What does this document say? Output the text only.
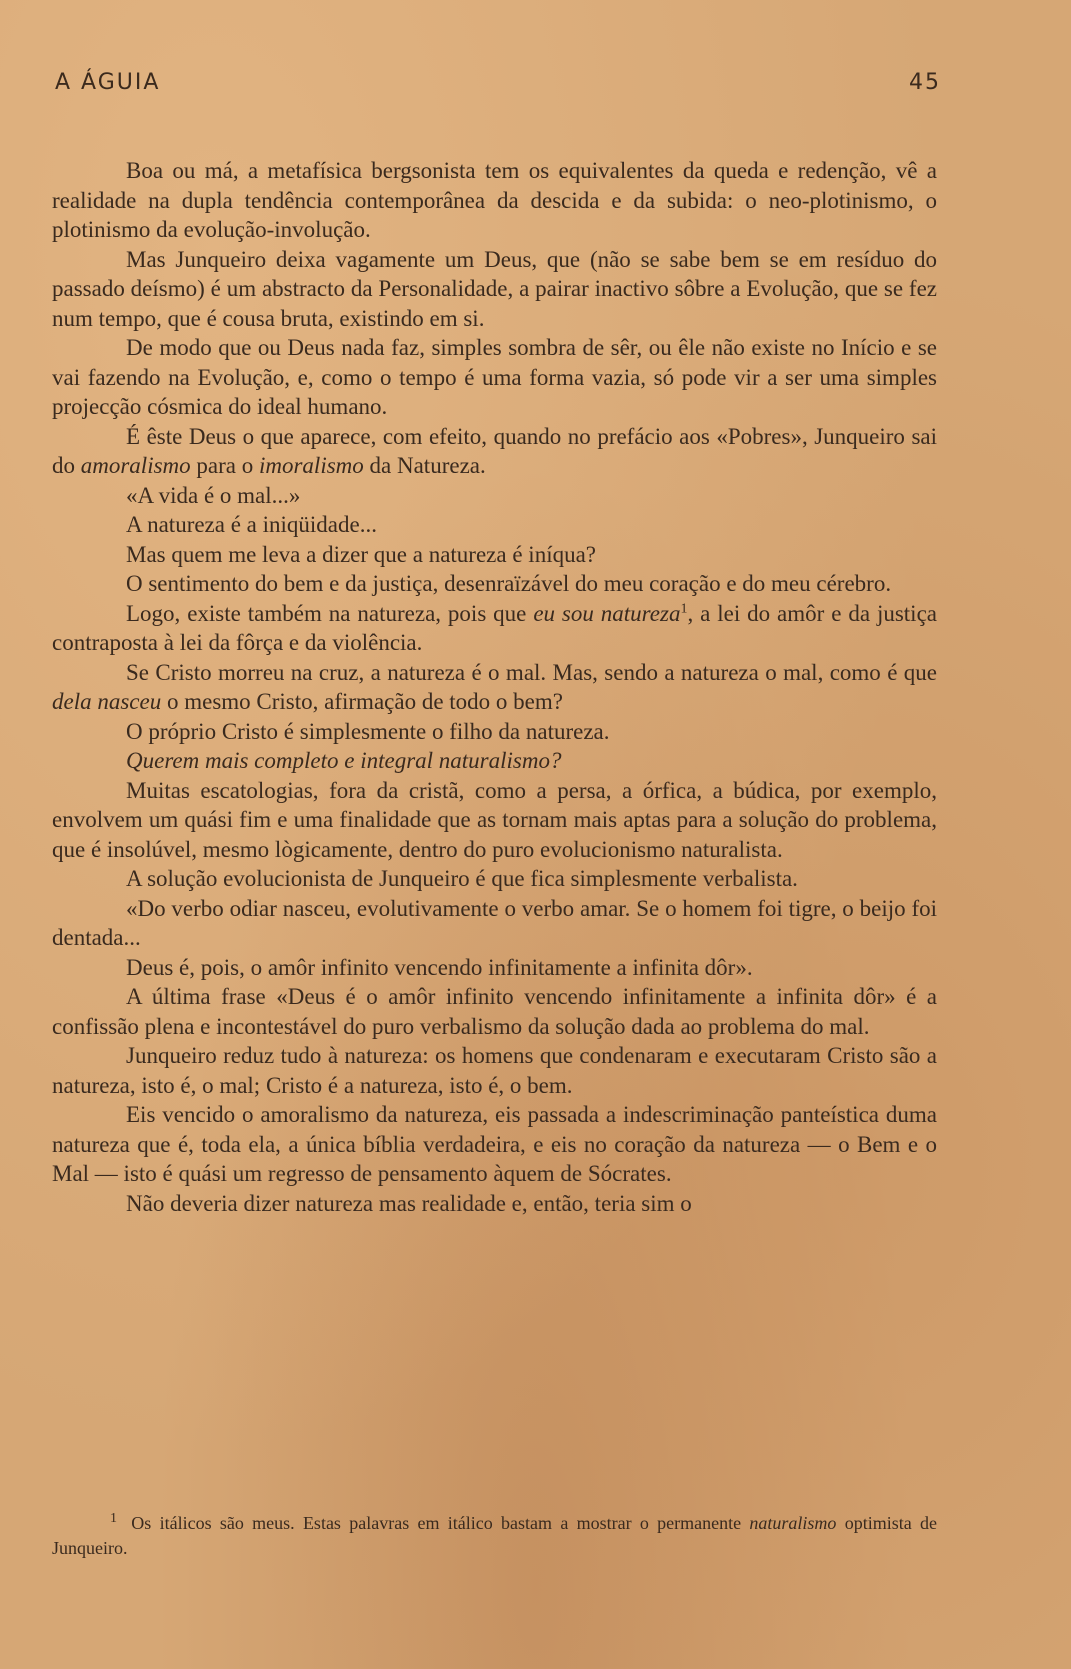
A ÁGUIA	45

Boa ou má, a metafísica bergsonista tem os equivalentes da queda e redenção, vê a realidade na dupla tendência contemporânea da descida e da subida: o neo-plotinismo, o plotinismo da evolução-involução.

Mas Junqueiro deixa vagamente um Deus, que (não se sabe bem se em resíduo do passado deísmo) é um abstracto da Personalidade, a pairar inactivo sôbre a Evolução, que se fez num tempo, que é cousa bruta, existindo em si.

De modo que ou Deus nada faz, simples sombra de sêr, ou êle não existe no Início e se vai fazendo na Evolução, e, como o tempo é uma forma vazia, só pode vir a ser uma simples projecção cósmica do ideal humano.

É êste Deus o que aparece, com efeito, quando no prefácio aos «Pobres», Junqueiro sai do amoralismo para o imoralismo da Natureza.

«A vida é o mal...»

A natureza é a iniqüidade...

Mas quem me leva a dizer que a natureza é iníqua?

O sentimento do bem e da justiça, desenraïzável do meu coração e do meu cérebro.

Logo, existe também na natureza, pois que eu sou natureza$^1$, a lei do amôr e da justiça contraposta à lei da fôrça e da violência.

Se Cristo morreu na cruz, a natureza é o mal. Mas, sendo a natureza o mal, como é que dela nasceu o mesmo Cristo, afirmação de todo o bem?

O próprio Cristo é simplesmente o filho da natureza.

Querem mais completo e integral naturalismo?

Muitas escatologias, fora da cristã, como a persa, a órfica, a búdica, por exemplo, envolvem um quási fim e uma finalidade que as tornam mais aptas para a solução do problema, que é insolúvel, mesmo lògicamente, dentro do puro evolucionismo naturalista.

A solução evolucionista de Junqueiro é que fica simplesmente verbalista.

«Do verbo odiar nasceu, evolutivamente o verbo amar. Se o homem foi tigre, o beijo foi dentada...

Deus é, pois, o amôr infinito vencendo infinitamente a infinita dôr».

A última frase «Deus é o amôr infinito vencendo infinitamente a infinita dôr» é a confissão plena e incontestável do puro verbalismo da solução dada ao problema do mal.

Junqueiro reduz tudo à natureza: os homens que condenaram e executaram Cristo são a natureza, isto é, o mal; Cristo é a natureza, isto é, o bem.

Eis vencido o amoralismo da natureza, eis passada a indescriminação panteística duma natureza que é, toda ela, a única bíblia verdadeira, e eis no coração da natureza — o Bem e o Mal — isto é quási um regresso de pensamento àquem de Sócrates.

Não deveria dizer natureza mas realidade e, então, teria sim o

$^1$ Os itálicos são meus. Estas palavras em itálico bastam a mostrar o permanente naturalismo optimista de Junqueiro.
